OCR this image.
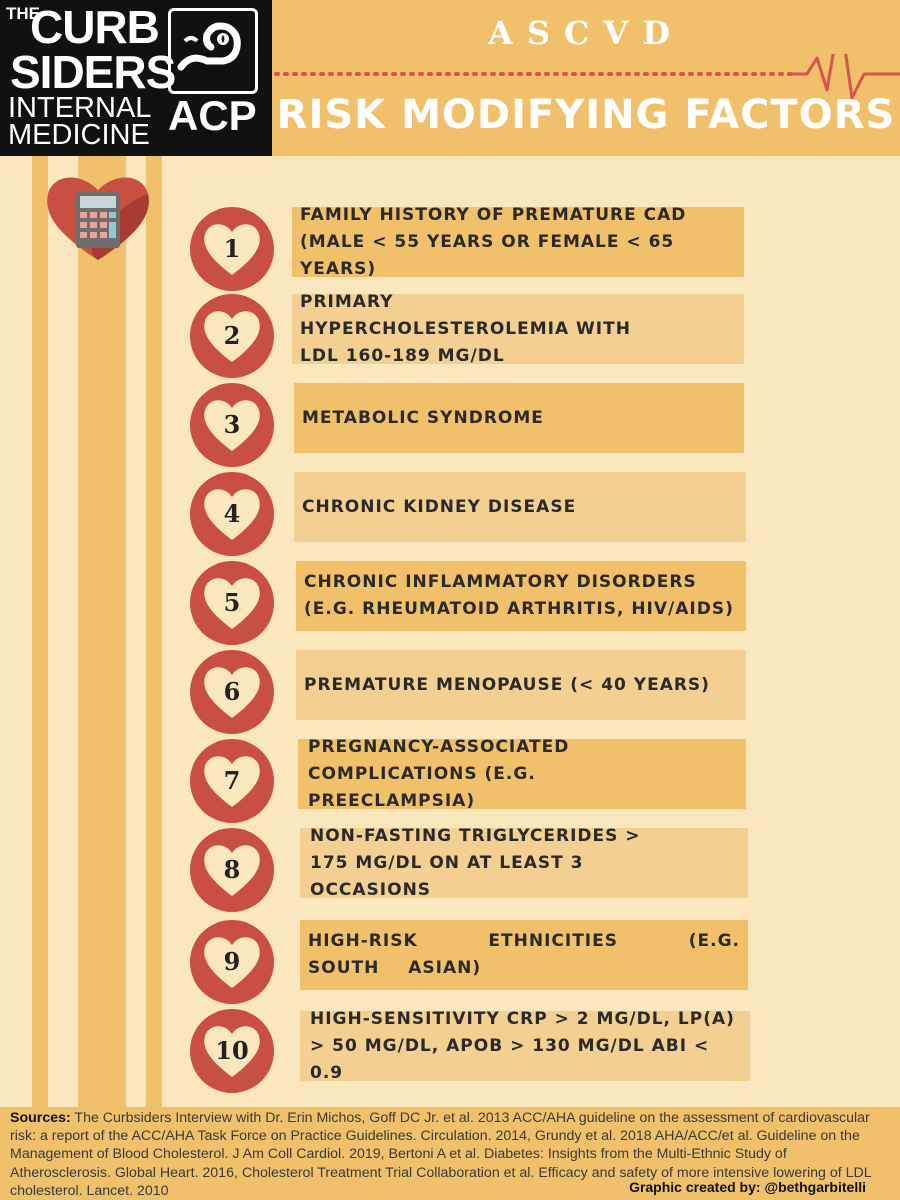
THE
CURB
SIDERS
INTERNAL
MEDICINE ACP
ASCVD
RISK MODIFYING FACTORS
1
FAMILY HISTORY OF PREMATURE CAD (MALE < 55 YEARS OR FEMALE < 65 YEARS)
2
PRIMARY HYPERCHOLESTEROLEMIA WITH LDL 160-189 MG/DL
3	METABOLIC SYNDROME
4	CHRONIC KIDNEY DISEASE
5
CHRONIC INFLAMMATORY DISORDERS (E.G. RHEUMATOID ARTHRITIS, HIV/AIDS)
6	PREMATURE MENOPAUSE (< 40 YEARS)
7
PREGNANCY-ASSOCIATED COMPLICATIONS (E.G. PREECLAMPSIA)
8
NON-FASTING TRIGLYCERIDES > 175 MG/DL ON AT LEAST 3 OCCASIONS
9
HIGH-RISK ETHNICITIES (E.G. SOUTH ASIAN)
10
HIGH-SENSITIVITY CRP > 2 MG/DL, LP(A) > 50 MG/DL, APOB > 130 MG/DL ABI < 0.9
Sources: The Curbsiders Interview with Dr. Erin Michos, Goff DC Jr. et al. 2013 ACC/AHA guideline on the assessment of cardiovascular risk: a report of the ACC/AHA Task Force on Practice Guidelines. Circulation. 2014, Grundy et al. 2018 AHA/ACC/et al. Guideline on the Management of Blood Cholesterol. J Am Coll Cardiol. 2019, Bertoni A et al. Diabetes: Insights from the Multi-Ethnic Study of Atherosclerosis. Global Heart. 2016, Cholesterol Treatment Trial Collaboration et al. Efficacy and safety of more intensive lowering of LDL cholesterol. Lancet. 2010	Graphic created by: @bethgarbitelli
